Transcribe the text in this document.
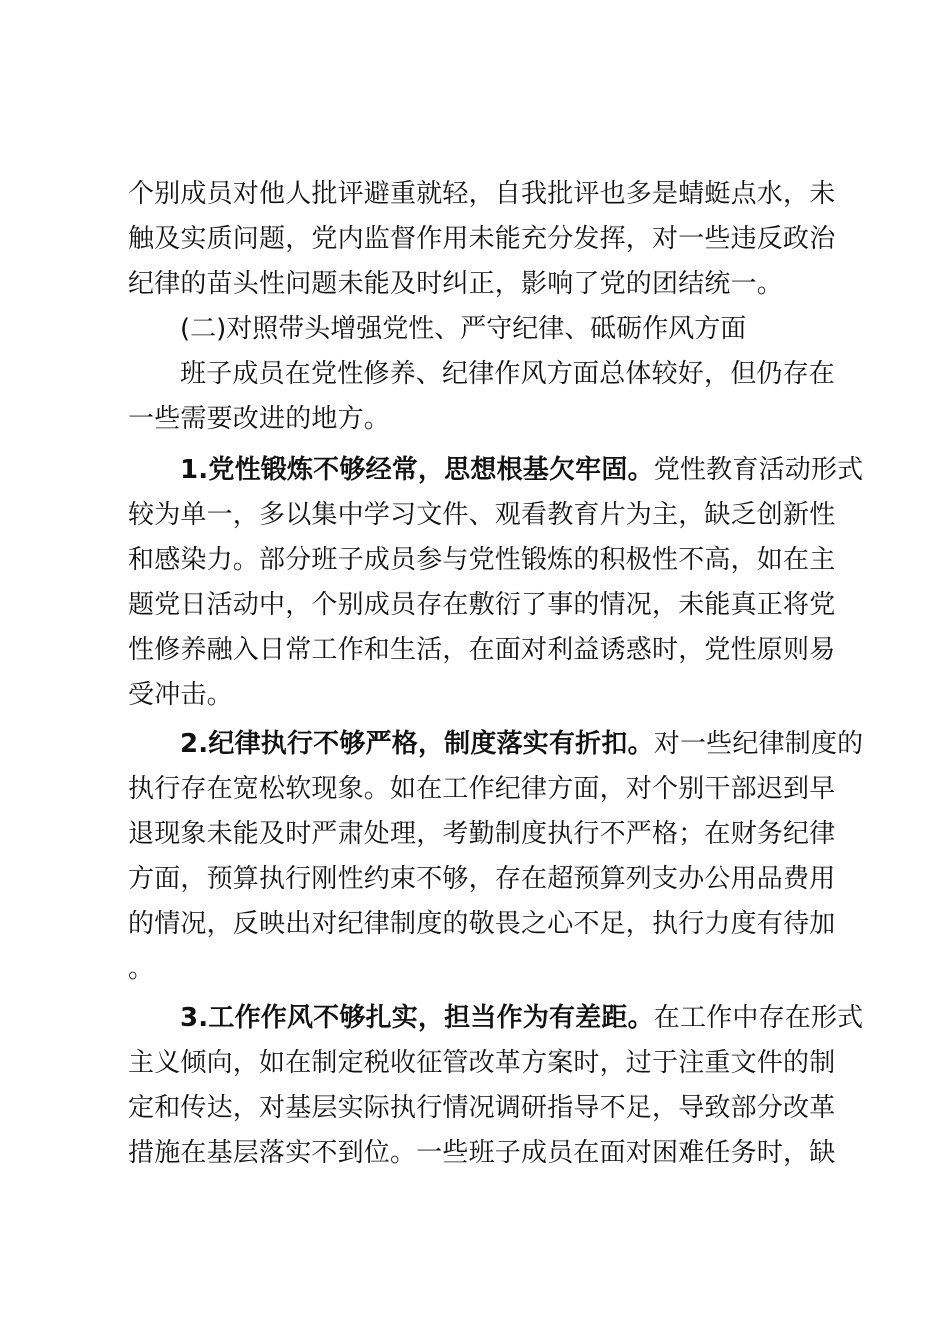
个别成员对他人批评避重就轻，自我批评也多是蜻蜓点水，未
触及实质问题，党内监督作用未能充分发挥，对一些违反政治
纪律的苗头性问题未能及时纠正，影响了党的团结统一。
(二)对照带头增强党性、严守纪律、砥砺作风方面
班子成员在党性修养、纪律作风方面总体较好，但仍存在
一些需要改进的地方。
1.党性锻炼不够经常，思想根基欠牢固。党性教育活动形式
较为单一，多以集中学习文件、观看教育片为主，缺乏创新性
和感染力。部分班子成员参与党性锻炼的积极性不高，如在主
题党日活动中，个别成员存在敷衍了事的情况，未能真正将党
性修养融入日常工作和生活，在面对利益诱惑时，党性原则易
受冲击。
2.纪律执行不够严格，制度落实有折扣。对一些纪律制度的
执行存在宽松软现象。如在工作纪律方面，对个别干部迟到早
退现象未能及时严肃处理，考勤制度执行不严格；在财务纪律
方面，预算执行刚性约束不够，存在超预算列支办公用品费用
的情况，反映出对纪律制度的敬畏之心不足，执行力度有待加
。
3.工作作风不够扎实，担当作为有差距。在工作中存在形式
主义倾向，如在制定税收征管改革方案时，过于注重文件的制
定和传达，对基层实际执行情况调研指导不足，导致部分改革
措施在基层落实不到位。一些班子成员在面对困难任务时，缺
